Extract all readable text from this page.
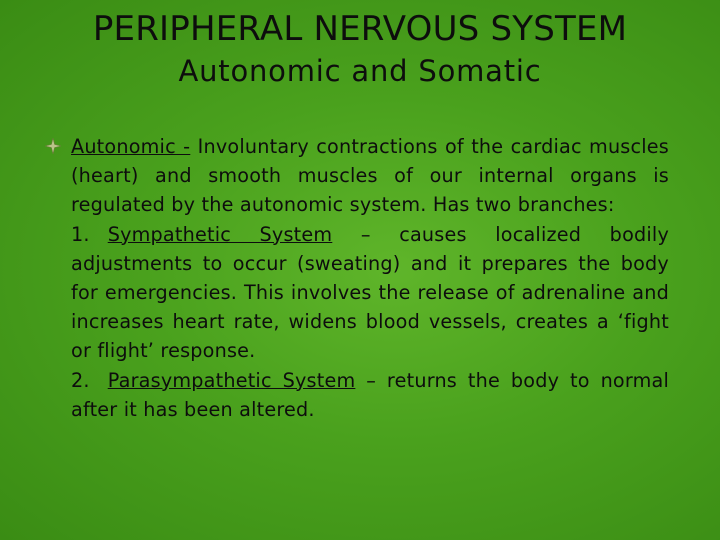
PERIPHERAL NERVOUS SYSTEM
Autonomic and Somatic
Autonomic - Involuntary contractions of the cardiac muscles (heart) and smooth muscles of our internal organs is regulated by the autonomic system. Has two branches:
1. Sympathetic System – causes localized bodily adjustments to occur (sweating) and it prepares the body for emergencies. This involves the release of adrenaline and increases heart rate, widens blood vessels, creates a ‘fight or flight’ response.
2. Parasympathetic System – returns the body to normal after it has been altered.
